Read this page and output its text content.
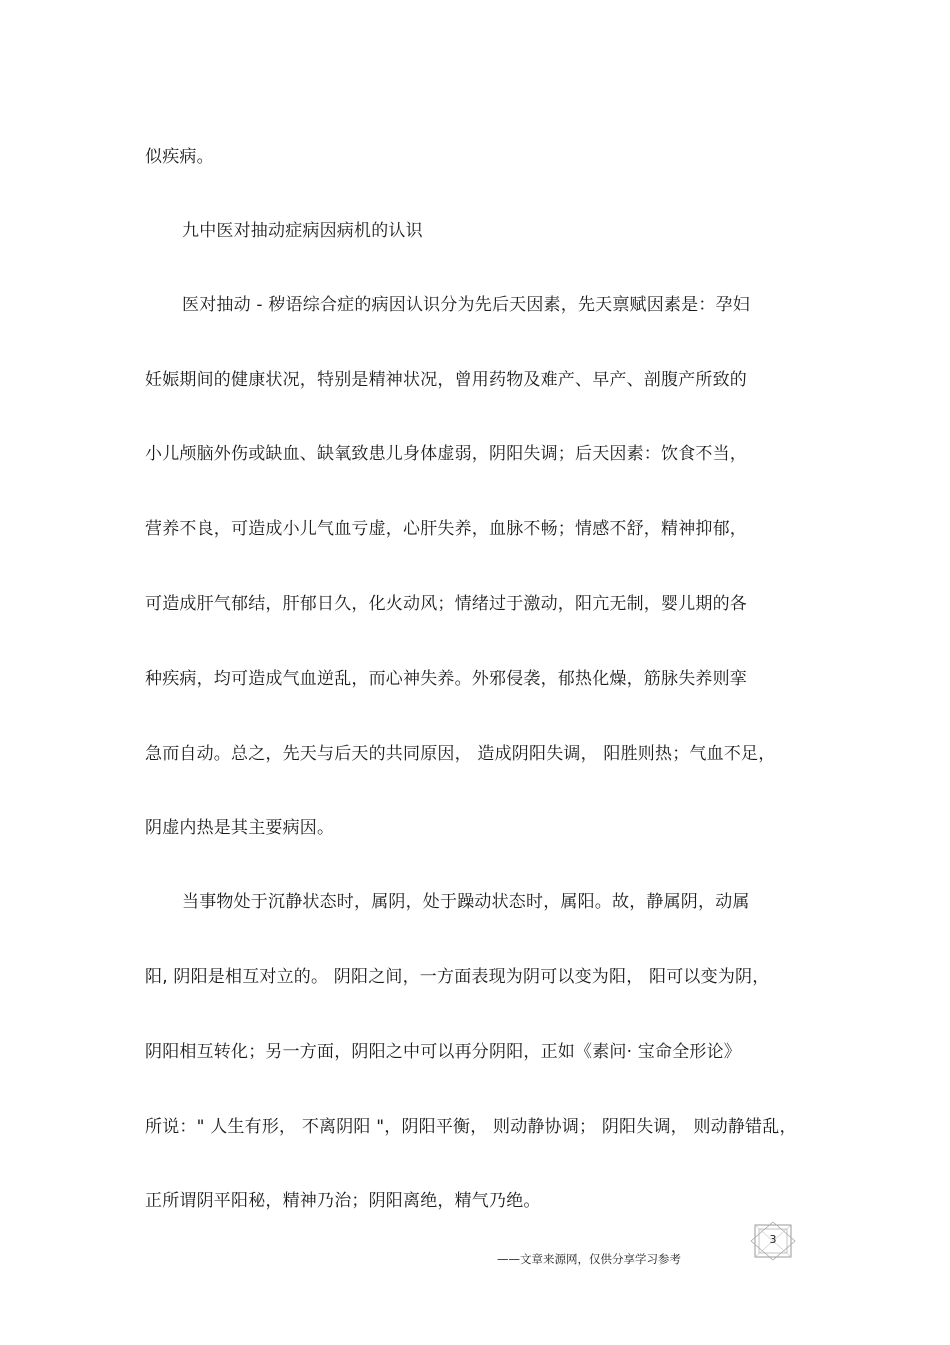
似疾病。
九中医对抽动症病因病机的认识
医对抽动 - 秽语综合症的病因认识分为先后天因素，先天禀赋因素是：孕妇
妊娠期间的健康状况，特别是精神状况，曾用药物及难产、早产、剖腹产所致的
小儿颅脑外伤或缺血、缺氧致患儿身体虚弱，阴阳失调；后天因素：饮食不当，
营养不良，可造成小儿气血亏虚，心肝失养，血脉不畅；情感不舒，精神抑郁，
可造成肝气郁结，肝郁日久，化火动风；情绪过于激动，阳亢无制，婴儿期的各
种疾病，均可造成气血逆乱，而心神失养。外邪侵袭，郁热化燥，筋脉失养则挛
急而自动。总之，先天与后天的共同原因， 造成阴阳失调， 阳胜则热；气血不足，
阴虚内热是其主要病因。
当事物处于沉静状态时，属阴，处于躁动状态时，属阳。故，静属阴，动属
阳, 阴阳是相互对立的。 阴阳之间，一方面表现为阴可以变为阳， 阳可以变为阴，
阴阳相互转化；另一方面，阴阳之中可以再分阴阳，正如《素问· 宝命全形论》
所说：" 人生有形， 不离阴阳 "，阴阳平衡， 则动静协调； 阴阳失调， 则动静错乱，
正所谓阴平阳秘，精神乃治；阴阳离绝，精气乃绝。
3
——文章来源网，仅供分享学习参考
